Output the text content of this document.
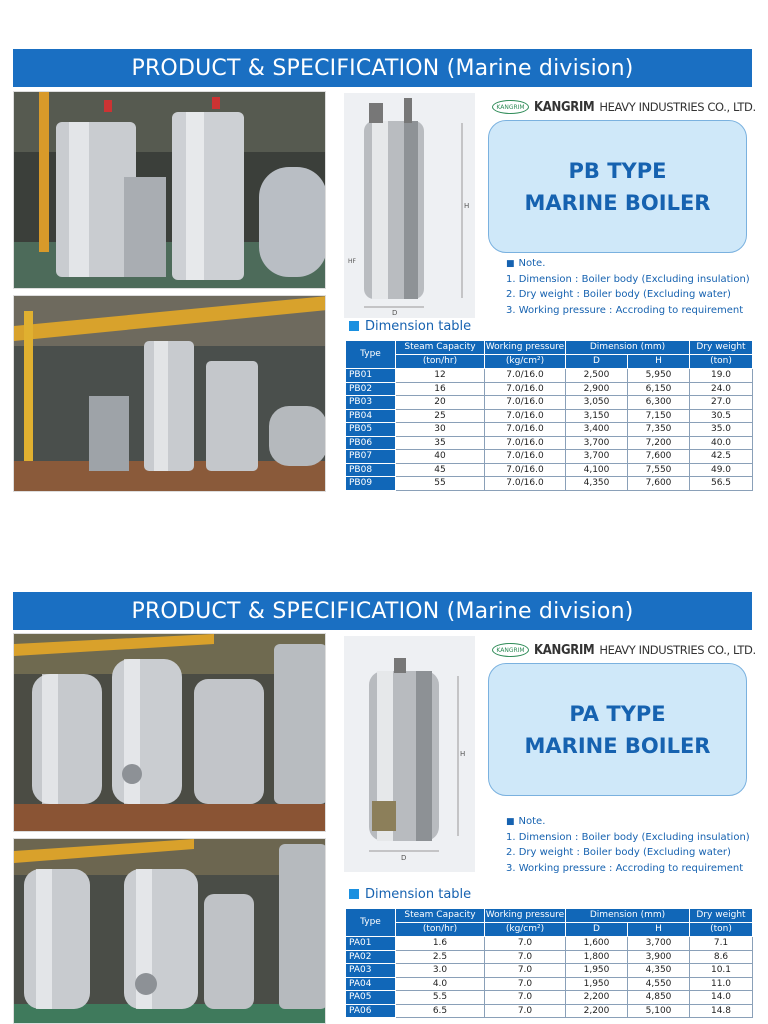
PRODUCT & SPECIFICATION (Marine division)
H
D
HF
KANGRIM KANGRIM HEAVY INDUSTRIES CO., LTD.
PB TYPE
MARINE BOILER
■ Note.
1. Dimension : Boiler body (Excluding insulation)
2. Dry weight : Boiler body (Excluding water)
3. Working pressure : Accroding to requirement
Dimension table
Type	Steam Capacity	Working pressure	Dimension (mm)		Dry weight
	(ton/hr)	(kg/cm²)	D	H	(ton)
PB01	12	7.0/16.0	2,500	5,950	19.0
PB02	16	7.0/16.0	2,900	6,150	24.0
PB03	20	7.0/16.0	3,050	6,300	27.0
PB04	25	7.0/16.0	3,150	7,150	30.5
PB05	30	7.0/16.0	3,400	7,350	35.0
PB06	35	7.0/16.0	3,700	7,200	40.0
PB07	40	7.0/16.0	3,700	7,600	42.5
PB08	45	7.0/16.0	4,100	7,550	49.0
PB09	55	7.0/16.0	4,350	7,600	56.5
PRODUCT & SPECIFICATION (Marine division)
H
D
KANGRIM KANGRIM HEAVY INDUSTRIES CO., LTD.
PA TYPE
MARINE BOILER
■ Note.
1. Dimension : Boiler body (Excluding insulation)
2. Dry weight : Boiler body (Excluding water)
3. Working pressure : Accroding to requirement
Dimension table
Type	Steam Capacity	Working pressure	Dimension (mm)		Dry weight
	(ton/hr)	(kg/cm²)	D	H	(ton)
PA01	1.6	7.0	1,600	3,700	7.1
PA02	2.5	7.0	1,800	3,900	8.6
PA03	3.0	7.0	1,950	4,350	10.1
PA04	4.0	7.0	1,950	4,550	11.0
PA05	5.5	7.0	2,200	4,850	14.0
PA06	6.5	7.0	2,200	5,100	14.8
